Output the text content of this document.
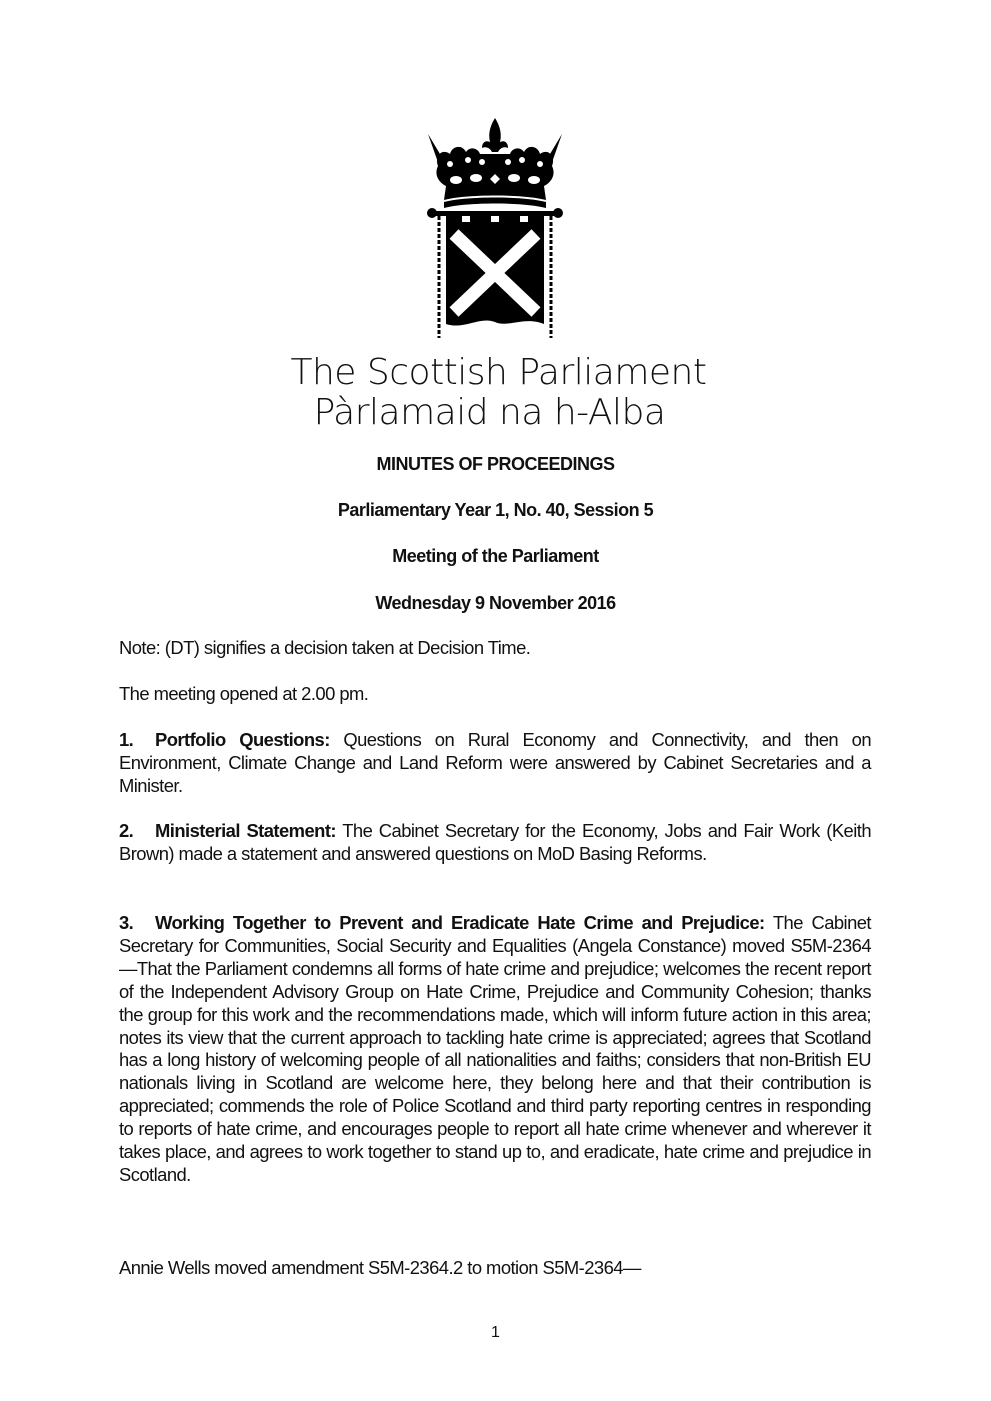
The Scottish Parliament
Pàrlamaid na h-Alba
MINUTES OF PROCEEDINGS
Parliamentary Year 1, No. 40, Session 5
Meeting of the Parliament
Wednesday 9 November 2016
Note: (DT) signifies a decision taken at Decision Time.
The meeting opened at 2.00 pm.
1. Portfolio Questions: Questions on Rural Economy and Connectivity, and then on Environment, Climate Change and Land Reform were answered by Cabinet Secretaries and a Minister.
2. Ministerial Statement: The Cabinet Secretary for the Economy, Jobs and Fair Work (Keith Brown) made a statement and answered questions on MoD Basing Reforms.
3. Working Together to Prevent and Eradicate Hate Crime and Prejudice: The Cabinet Secretary for Communities, Social Security and Equalities (Angela Constance) moved S5M-2364—That the Parliament condemns all forms of hate crime and prejudice; welcomes the recent report of the Independent Advisory Group on Hate Crime, Prejudice and Community Cohesion; thanks the group for this work and the recommendations made, which will inform future action in this area; notes its view that the current approach to tackling hate crime is appreciated; agrees that Scotland has a long history of welcoming people of all nationalities and faiths; considers that non-British EU nationals living in Scotland are welcome here, they belong here and that their contribution is appreciated; commends the role of Police Scotland and third party reporting centres in responding to reports of hate crime, and encourages people to report all hate crime whenever and wherever it takes place, and agrees to work together to stand up to, and eradicate, hate crime and prejudice in Scotland.
Annie Wells moved amendment S5M-2364.2 to motion S5M-2364—
1
